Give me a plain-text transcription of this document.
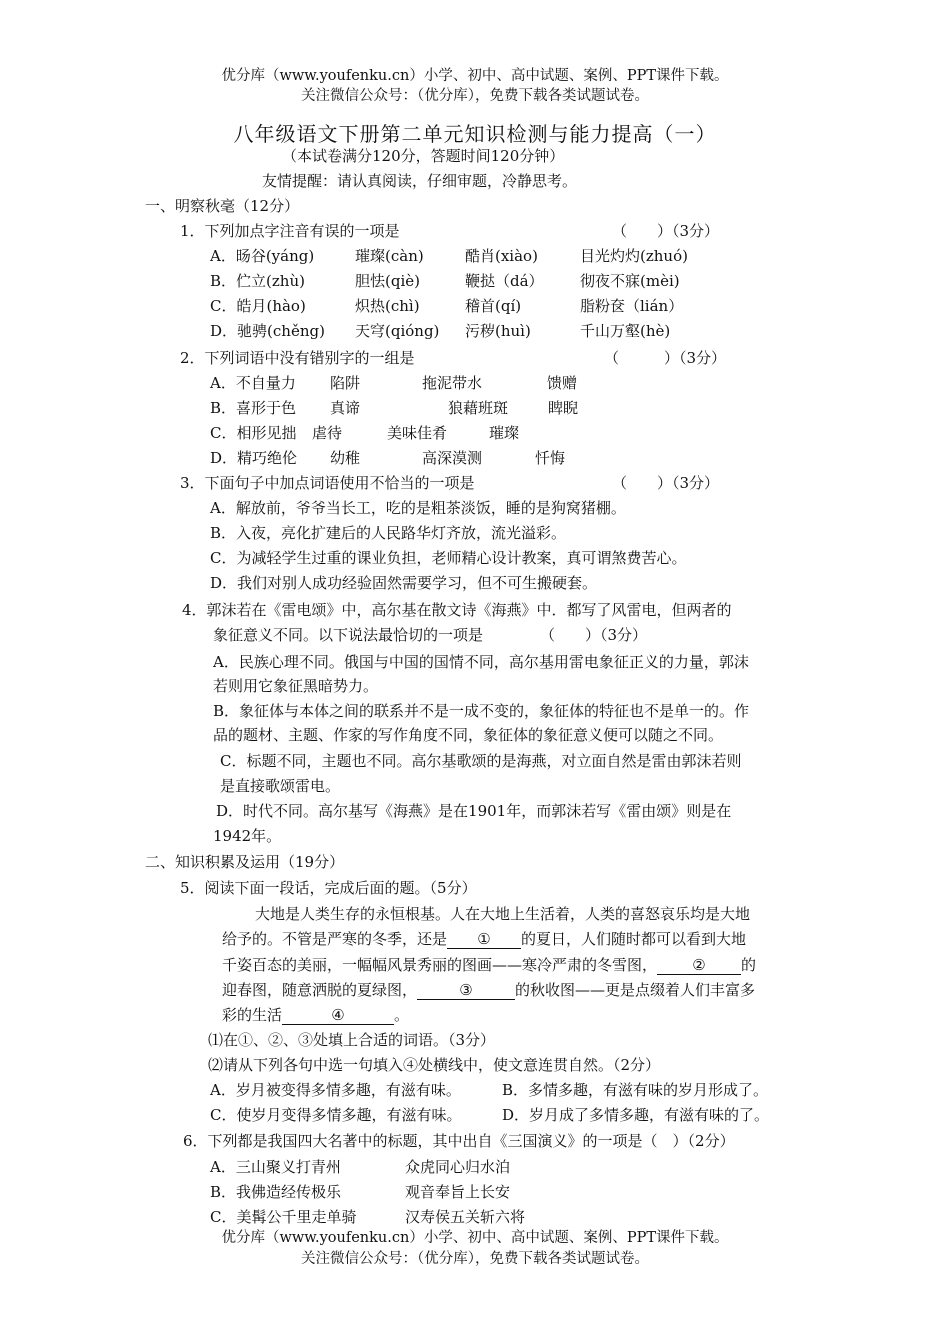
优分库（www.youfenku.cn）小学、初中、高中试题、案例、PPT课件下载。
关注微信公众号：（优分库），免费下载各类试题试卷。
八年级语文下册第二单元知识检测与能力提高（一）
（本试卷满分120分，答题时间120分钟）
友情提醒：请认真阅读，仔细审题，冷静思考。
一、明察秋毫（12分）
1．下列加点字注音有误的一项是	（　　）（3分）
A．旸谷(yáng)	璀璨(càn)	酷肖(xiào)	目光灼灼(zhuó)
B．伫立(zhù)	胆怯(qiè)	鞭挞（dá） 彻夜不寐(mèi)
C．皓月(hào)	炽热(chì)	稽首(qí)	脂粉奁（lián）
D．驰骋(chěng) 天穹(qióng) 污秽(huì)	千山万壑(hè)
2．下列词语中没有错别字的一组是	（　　　）（3分）
A．不自量力 陷阱	拖泥带水	馈赠
B．喜形于色 真谛	狼藉班斑	睥睨
C．相形见拙 虐待	美味佳肴	璀璨
D．精巧绝伦 幼稚	高深漠测	忏悔
3．下面句子中加点词语使用不恰当的一项是	（　　）（3分）
A．解放前，爷爷当长工，吃的是粗茶淡饭，睡的是狗窝猪棚。
B．入夜，亮化扩建后的人民路华灯齐放，流光溢彩。
C．为减轻学生过重的课业负担，老师精心设计教案，真可谓煞费苦心。
D．我们对别人成功经验固然需要学习，但不可生搬硬套。
4．郭沫若在《雷电颂》中，高尔基在散文诗《海燕》中．都写了风雷电，但两者的
象征意义不同。以下说法最恰切的一项是	（　　）（3分）
A．民族心理不同。俄国与中国的国情不同，高尔基用雷电象征正义的力量，郭沫
若则用它象征黑暗势力。
B．象征体与本体之间的联系并不是一成不变的，象征体的特征也不是单一的。作
品的题材、主题、作家的写作角度不同，象征体的象征意义便可以随之不同。
C．标题不同，主题也不同。高尔基歌颂的是海燕，对立面自然是雷由郭沫若则
是直接歌颂雷电。
D．时代不同。高尔基写《海燕》是在1901年，而郭沫若写《雷由颂》则是在
1942年。
二、知识积累及运用（19分）
5．阅读下面一段话，完成后面的题。（5分）
大地是人类生存的永恒根基。人在大地上生活着，人类的喜怒哀乐均是大地
给予的。不管是严寒的冬季，还是 ① 的夏日，人们随时都可以看到大地
千姿百态的美丽，一幅幅风景秀丽的图画——寒冷严肃的冬雪图， ② 的
迎春图，随意洒脱的夏绿图，	③	的秋收图——更是点缀着人们丰富多
彩的生活	④	。
⑴在①、②、③处填上合适的词语。（3分）
⑵请从下列各句中选一句填入④处横线中，使文意连贯自然。（2分）
A．岁月被变得多情多趣，有滋有味。	B．多情多趣，有滋有味的岁月形成了。
C．使岁月变得多情多趣，有滋有味。	D．岁月成了多情多趣，有滋有味的了。
6．下列都是我国四大名著中的标题，其中出自《三国演义》的一项是（　）（2分）
A．三山聚义打青州	众虎同心归水泊
B．我佛造经传极乐	观音奉旨上长安
C．美髯公千里走单骑	汉寿侯五关斩六将
优分库（www.youfenku.cn）小学、初中、高中试题、案例、PPT课件下载。
关注微信公众号：（优分库），免费下载各类试题试卷。
